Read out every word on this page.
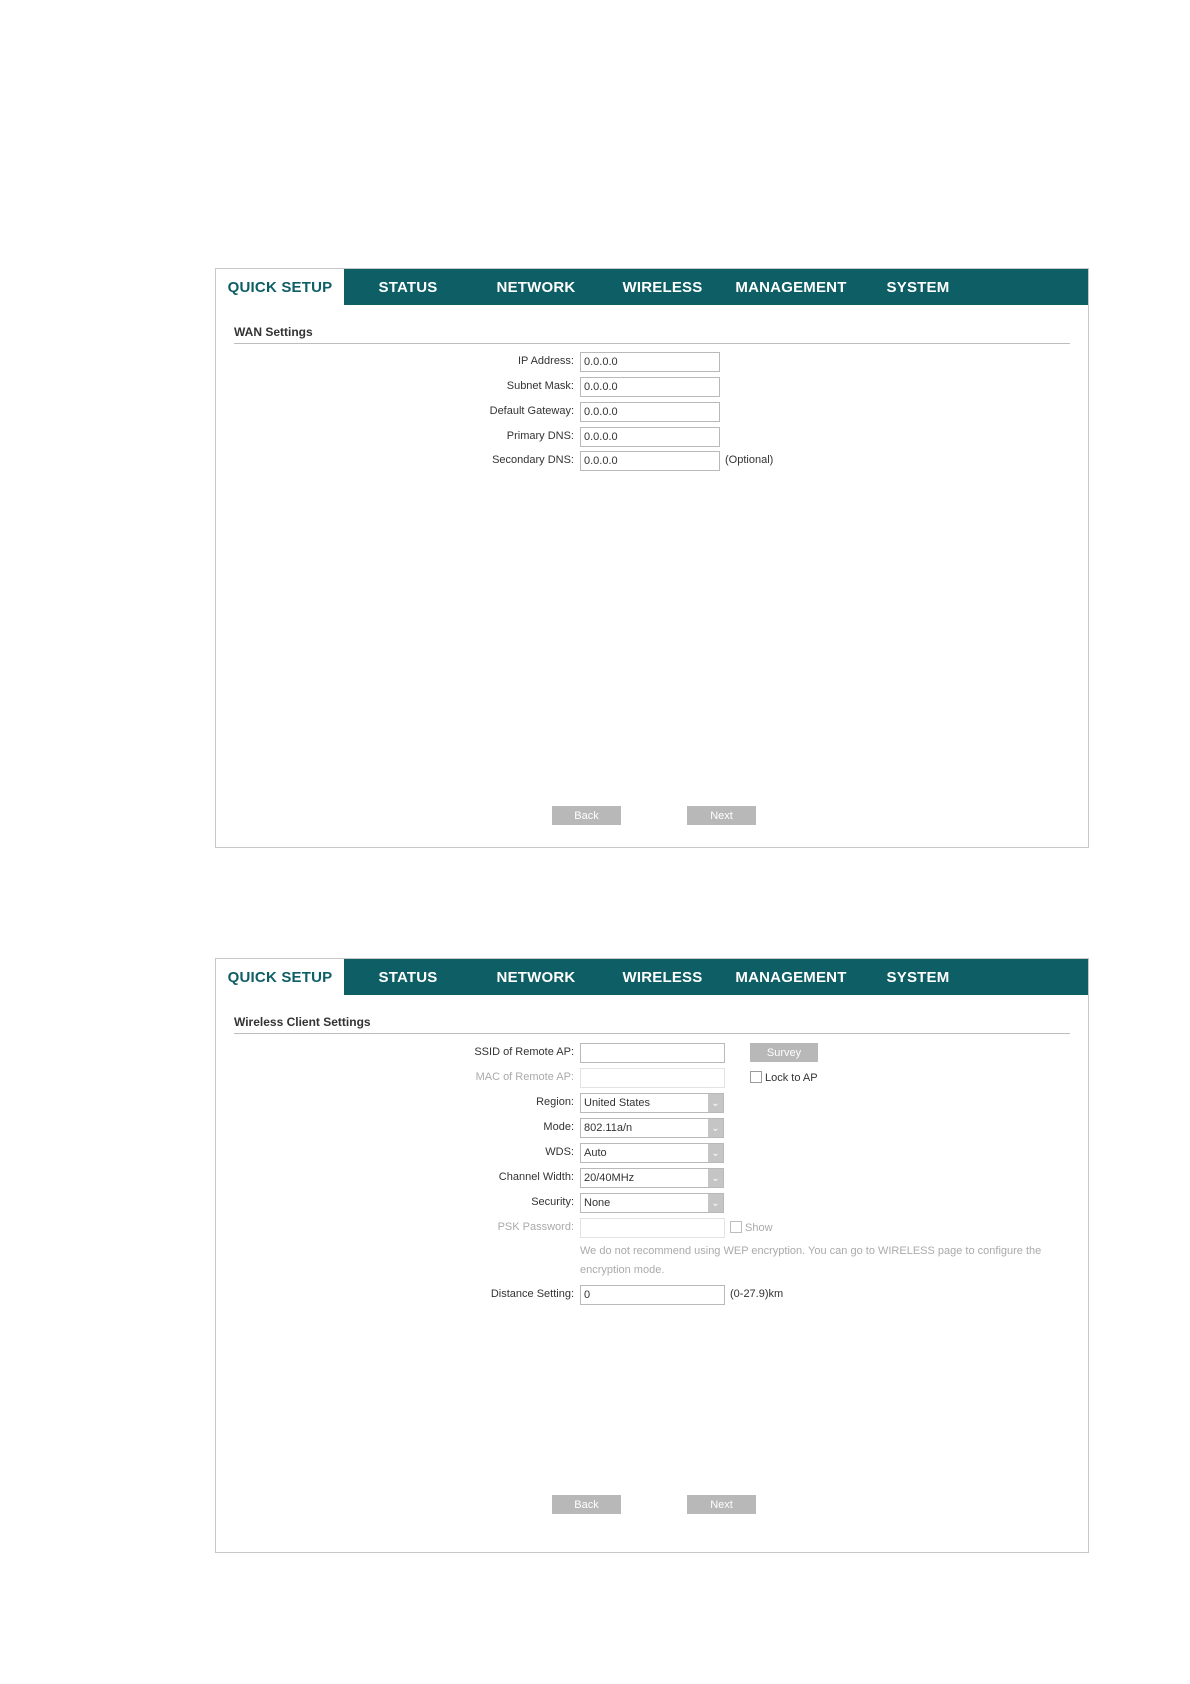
QUICK SETUP	STATUS	NETWORK	WIRELESS	MANAGEMENT	SYSTEM
WAN Settings
IP Address:
0.0.0.0
Subnet Mask:
0.0.0.0
Default Gateway:
0.0.0.0
Primary DNS:
0.0.0.0
Secondary DNS:
0.0.0.0	(Optional)
Back	Next
QUICK SETUP	STATUS	NETWORK	WIRELESS	MANAGEMENT	SYSTEM
Wireless Client Settings
SSID of Remote AP:	Survey
MAC of Remote AP:	Lock to AP
Region: United States	⌄
Mode: 802.11a/n	⌄
WDS: Auto	⌄
Channel Width: 20/40MHz	⌄
Security: None	⌄
PSK Password:	Show
We do not recommend using WEP encryption. You can go to WIRELESS page to configure the encryption mode.
Distance Setting:
0	(0-27.9)km
Back	Next
